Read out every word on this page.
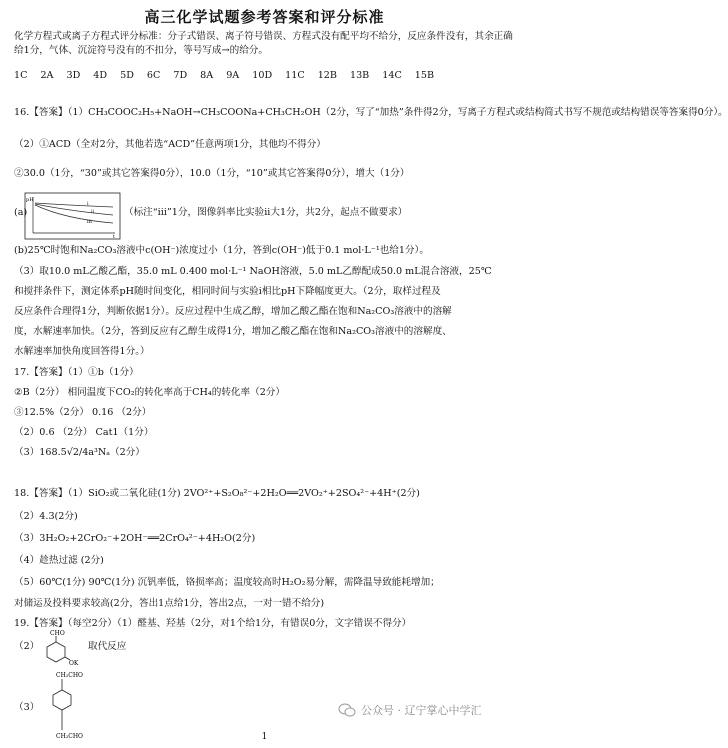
高三化学试题参考答案和评分标准
化学方程式或离子方程式评分标准：分子式错误、离子符号错误、方程式没有配平均不给分，反应条件没有，其余正确给1分，气体、沉淀符号没有的不扣分，等号写成→的给分。
1C 2A 3D 4D 5D 6C 7D 8A 9A 10D 11C 12B 13B 14C 15B
16.【答案】（1）CH₃COOC₂H₅+NaOH→CH₃COONa+CH₃CH₂OH（2分，写了“加热”条件得2分，写离子方程式或结构简式书写不规范或结构错误等答案得0分）。
（2）①ACD（全对2分，其他若选“ACD”任意两项1分，其他均不得分）
②30.0（1分，“30”或其它答案得0分），10.0（1分，“10”或其它答案得0分），增大（1分）
(a)
pH
t
i
ii
iii
（标注“iii”1分，图像斜率比实验ii大1分，共2分，起点不做要求）
(b)25℃时饱和Na₂CO₃溶液中c(OH⁻)浓度过小（1分，答到c(OH⁻)低于0.1 mol·L⁻¹也给1分）。
（3）取10.0 mL乙酸乙酯，35.0 mL 0.400 mol·L⁻¹ NaOH溶液，5.0 mL乙醇配成50.0 mL混合溶液，25℃
和搅拌条件下，测定体系pH随时间变化，相同时间与实验i相比pH下降幅度更大。（2分，取样过程及
反应条件合理得1分，判断依据1分）。反应过程中生成乙醇，增加乙酸乙酯在饱和Na₂CO₃溶液中的溶解
度，水解速率加快。（2分，答到反应有乙醇生成得1分，增加乙酸乙酯在饱和Na₂CO₃溶液中的溶解度、
水解速率加快角度回答得1分。）
17.【答案】（1）①b（1分）
②B（2分） 相同温度下CO₂的转化率高于CH₄的转化率（2分）
③12.5%（2分） 0.16 （2分）
（2）0.6 （2分） Cat1（1分）
（3）168.5√2/4a³Nₐ（2分）
18.【答案】（1）SiO₂或二氧化硅(1分) 2VO²⁺+S₂O₈²⁻+2H₂O══2VO₂⁺+2SO₄²⁻+4H⁺(2分)
（2）4.3(2分)
（3）3H₂O₂+2CrO₂⁻+2OH⁻══2CrO₄²⁻+4H₂O(2分)
（4）趁热过滤 (2分)
（5）60℃(1分) 90℃(1分) 沉钒率低，铬损率高；温度较高时H₂O₂易分解，需降温导致能耗增加；
对储运及投料要求较高(2分，答出1点给1分，答出2点，一对一错不给分)
19.【答案】（每空2分）（1）醛基、羟基（2分，对1个给1分，有错误0分，文字错误不得分）
（2）
CHO
OK
取代反应
（3）
CH₂CHO
CH₂CHO
公众号 · 辽宁掌心中学汇
1
